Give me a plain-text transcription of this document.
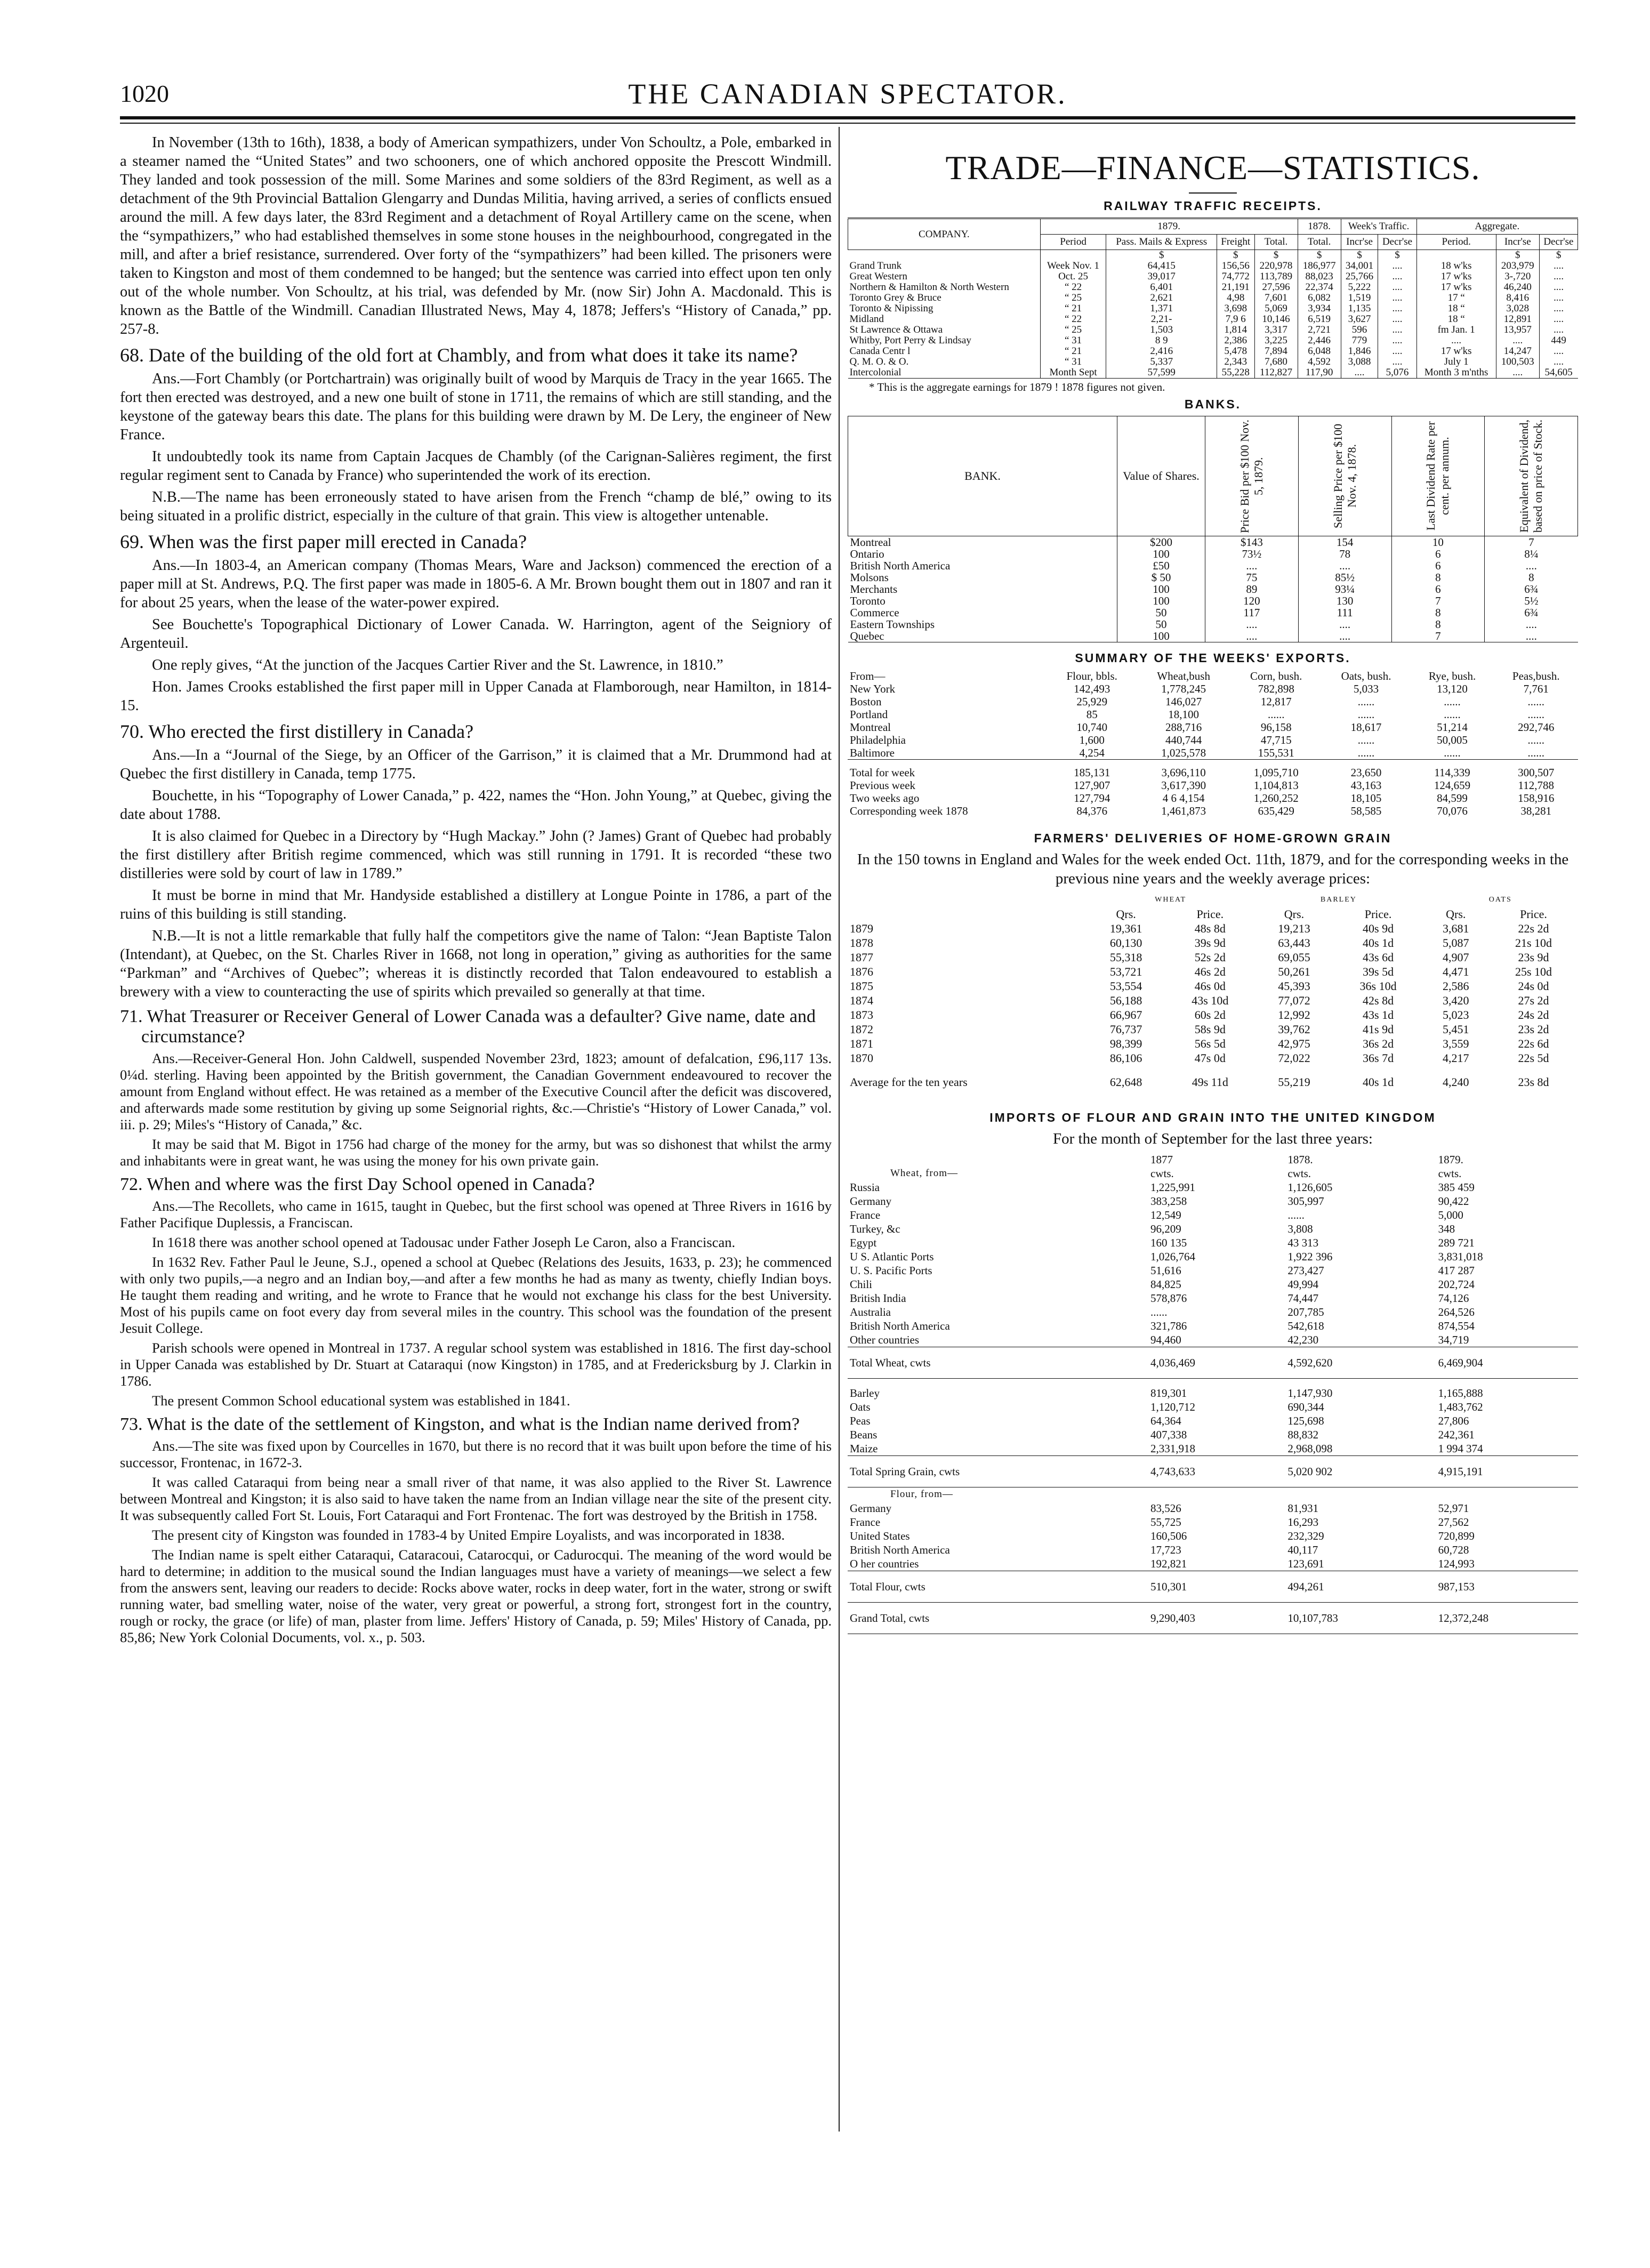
1020	THE CANADIAN SPECTATOR.

In November (13th to 16th), 1838, a body of American sympathizers, under Von Schoultz, a Pole, embarked in a steamer named the “United States” and two schooners, one of which anchored opposite the Prescott Windmill. They landed and took possession of the mill. Some Marines and some soldiers of the 83rd Regiment, as well as a detachment of the 9th Provincial Battalion Glengarry and Dundas Militia, having arrived, a series of conflicts ensued around the mill. A few days later, the 83rd Regiment and a detachment of Royal Artillery came on the scene, when the “sympathizers,” who had established themselves in some stone houses in the neighbourhood, congregated in the mill, and after a brief resistance, surrendered. Over forty of the “sympathizers” had been killed. The prisoners were taken to Kingston and most of them condemned to be hanged; but the sentence was carried into effect upon ten only out of the whole number. Von Schoultz, at his trial, was defended by Mr. (now Sir) John A. Macdonald. This is known as the Battle of the Windmill. Canadian Illustrated News, May 4, 1878; Jeffers's “History of Canada,” pp. 257-8.

68. Date of the building of the old fort at Chambly, and from what does it take its name?

Ans.—Fort Chambly (or Portchartrain) was originally built of wood by Marquis de Tracy in the year 1665. The fort then erected was destroyed, and a new one built of stone in 1711, the remains of which are still standing, and the keystone of the gateway bears this date. The plans for this building were drawn by M. De Lery, the engineer of New France.

It undoubtedly took its name from Captain Jacques de Chambly (of the Carignan-Salières regiment, the first regular regiment sent to Canada by France) who superintended the work of its erection.

N.B.—The name has been erroneously stated to have arisen from the French “champ de blé,” owing to its being situated in a prolific district, especially in the culture of that grain. This view is altogether untenable.

69. When was the first paper mill erected in Canada?

Ans.—In 1803-4, an American company (Thomas Mears, Ware and Jackson) commenced the erection of a paper mill at St. Andrews, P.Q. The first paper was made in 1805-6. A Mr. Brown bought them out in 1807 and ran it for about 25 years, when the lease of the water-power expired.

See Bouchette's Topographical Dictionary of Lower Canada. W. Harrington, agent of the Seigniory of Argenteuil.

One reply gives, “At the junction of the Jacques Cartier River and the St. Lawrence, in 1810.”

Hon. James Crooks established the first paper mill in Upper Canada at Flamborough, near Hamilton, in 1814-15.

70. Who erected the first distillery in Canada?

Ans.—In a “Journal of the Siege, by an Officer of the Garrison,” it is claimed that a Mr. Drummond had at Quebec the first distillery in Canada, temp 1775.

Bouchette, in his “Topography of Lower Canada,” p. 422, names the “Hon. John Young,” at Quebec, giving the date about 1788.

It is also claimed for Quebec in a Directory by “Hugh Mackay.” John (? James) Grant of Quebec had probably the first distillery after British regime commenced, which was still running in 1791. It is recorded “these two distilleries were sold by court of law in 1789.”

It must be borne in mind that Mr. Handyside established a distillery at Longue Pointe in 1786, a part of the ruins of this building is still standing.

N.B.—It is not a little remarkable that fully half the competitors give the name of Talon: “Jean Baptiste Talon (Intendant), at Quebec, on the St. Charles River in 1668, not long in operation,” giving as authorities for the same “Parkman” and “Archives of Quebec”; whereas it is distinctly recorded that Talon endeavoured to establish a brewery with a view to counteracting the use of spirits which prevailed so generally at that time.

71. What Treasurer or Receiver General of Lower Canada was a defaulter? Give name, date and circumstance?

Ans.—Receiver-General Hon. John Caldwell, suspended November 23rd, 1823; amount of defalcation, £96,117 13s. 0¼d. sterling. Having been appointed by the British government, the Canadian Government endeavoured to recover the amount from England without effect. He was retained as a member of the Executive Council after the deficit was discovered, and afterwards made some restitution by giving up some Seignorial rights, &c.—Christie's “History of Lower Canada,” vol. iii. p. 29; Miles's “History of Canada,” &c.

It may be said that M. Bigot in 1756 had charge of the money for the army, but was so dishonest that whilst the army and inhabitants were in great want, he was using the money for his own private gain.

72. When and where was the first Day School opened in Canada?

Ans.—The Recollets, who came in 1615, taught in Quebec, but the first school was opened at Three Rivers in 1616 by Father Pacifique Duplessis, a Franciscan.

In 1618 there was another school opened at Tadousac under Father Joseph Le Caron, also a Franciscan.

In 1632 Rev. Father Paul le Jeune, S.J., opened a school at Quebec (Relations des Jesuits, 1633, p. 23); he commenced with only two pupils,—a negro and an Indian boy,—and after a few months he had as many as twenty, chiefly Indian boys. He taught them reading and writing, and he wrote to France that he would not exchange his class for the best University. Most of his pupils came on foot every day from several miles in the country. This school was the foundation of the present Jesuit College.

Parish schools were opened in Montreal in 1737. A regular school system was established in 1816. The first day-school in Upper Canada was established by Dr. Stuart at Cataraqui (now Kingston) in 1785, and at Fredericksburg by J. Clarkin in 1786.

The present Common School educational system was established in 1841.

73. What is the date of the settlement of Kingston, and what is the Indian name derived from?

Ans.—The site was fixed upon by Courcelles in 1670, but there is no record that it was built upon before the time of his successor, Frontenac, in 1672-3.

It was called Cataraqui from being near a small river of that name, it was also applied to the River St. Lawrence between Montreal and Kingston; it is also said to have taken the name from an Indian village near the site of the present city. It was subsequently called Fort St. Louis, Fort Cataraqui and Fort Frontenac. The fort was destroyed by the British in 1758.

The present city of Kingston was founded in 1783-4 by United Empire Loyalists, and was incorporated in 1838.

The Indian name is spelt either Cataraqui, Cataracoui, Catarocqui, or Cadurocqui. The meaning of the word would be hard to determine; in addition to the musical sound the Indian languages must have a variety of meanings—we select a few from the answers sent, leaving our readers to decide: Rocks above water, rocks in deep water, fort in the water, strong or swift running water, bad smelling water, noise of the water, very great or powerful, a strong fort, strongest fort in the country, rough or rocky, the grace (or life) of man, plaster from lime. Jeffers' History of Canada, p. 59; Miles' History of Canada, pp. 85,86; New York Colonial Documents, vol. x., p. 503.

TRADE—FINANCE—STATISTICS.
RAILWAY TRAFFIC RECEIPTS.
COMPANY.	1879.				1878.	Week's Traffic.		Aggregate.		
	Period	Pass. Mails & Express	Freight	Total.	Total.	Incr'se	Decr'se	Period.	Incr'se	Decr'se
		$	$	$	$	$	$		$	$
Grand Trunk	Week Nov. 1	64,415	156,56	220,978	186,977	34,001	....	18 w'ks	203,979	....
Great Western	Oct. 25	39,017	74,772	113,789	88,023	25,766	....	17 w'ks	3-,720	....
Northern & Hamilton & North Western	“ 22	6,401	21,191	27,596	22,374	5,222	....	17 w'ks	46,240	....
Toronto Grey & Bruce	“ 25	2,621	4,98	7,601	6,082	1,519	....	17 “	8,416	....
Toronto & Nipissing	“ 21	1,371	3,698	5,069	3,934	1,135	....	18 “	3,028	....
Midland	“ 22	2,21-	7,9 6	10,146	6,519	3,627	....	18 “	12,891	....
St Lawrence & Ottawa	“ 25	1,503	1,814	3,317	2,721	596	....	fm Jan. 1	13,957	....
Whitby, Port Perry & Lindsay	“ 31	8 9	2,386	3,225	2,446	779	....	....	....	449
Canada Centr l	“ 21	2,416	5,478	7,894	6,048	1,846	....	17 w'ks	14,247	....
Q. M. O. & O.	“ 31	5,337	2,343	7,680	4,592	3,088	....	July 1	100,503	....
Intercolonial	Month Sept	57,599	55,228	112,827	117,90	....	5,076	Month 3 m'nths	....	54,605
* This is the aggregate earnings for 1879 ! 1878 figures not given.
BANKS.
BANK.	Value of Shares.	Price Bid per $100 Nov. 5, 1879.	Selling Price per $100 Nov. 4, 1878.	Last Dividend Rate per cent. per annum.	Equivalent of Dividend, based on price of Stock.

Montreal	$200	$143	154	10	7
Ontario	100	73½	78	6	8¼
British North America	£50	....	....	6	....
Molsons	$ 50	75	85½	8	8
Merchants	100	89	93¼	6	6¾
Toronto	100	120	130	7	5½
Commerce	50	117	111	8	6¾
Eastern Townships	50	....	....	8	....
Quebec	100	....	....	7	....
SUMMARY OF THE WEEKS' EXPORTS.
From—	Flour, bbls.	Wheat,bush	Corn, bush.	Oats, bush.	Rye, bush.	Peas,bush.
New York	142,493	1,778,245	782,898	5,033	13,120	7,761
Boston	25,929	146,027	12,817	......	......	......
Portland	85	18,100	......	......	......	......
Montreal	10,740	288,716	96,158	18,617	51,214	292,746
Philadelphia	1,600	440,744	47,715	......	50,005	......
Baltimore	4,254	1,025,578	155,531	......	......	......
Total for week	185,131	3,696,110	1,095,710	23,650	114,339	300,507
Previous week	127,907	3,617,390	1,104,813	43,163	124,659	112,788
Two weeks ago	127,794	4 6 4,154	1,260,252	18,105	84,599	158,916
Corresponding week 1878	84,376	1,461,873	635,429	58,585	70,076	38,281
FARMERS' DELIVERIES OF HOME-GROWN GRAIN
In the 150 towns in England and Wales for the week ended Oct. 11th, 1879, and for the corresponding weeks in the previous nine years and the weekly average prices:
	WHEAT		BARLEY		OATS	
	Qrs.	Price.	Qrs.	Price.	Qrs.	Price.
1879	19,361	48s 8d	19,213	40s 9d	3,681	22s 2d
1878	60,130	39s 9d	63,443	40s 1d	5,087	21s 10d
1877	55,318	52s 2d	69,055	43s 6d	4,907	23s 9d
1876	53,721	46s 2d	50,261	39s 5d	4,471	25s 10d
1875	53,554	46s 0d	45,393	36s 10d	2,586	24s 0d
1874	56,188	43s 10d	77,072	42s 8d	3,420	27s 2d
1873	66,967	60s 2d	12,992	43s 1d	5,023	24s 2d
1872	76,737	58s 9d	39,762	41s 9d	5,451	23s 2d
1871	98,399	56s 5d	42,975	36s 2d	3,559	22s 6d
1870	86,106	47s 0d	72,022	36s 7d	4,217	22s 5d
Average for the ten years	62,648	49s 11d	55,219	40s 1d	4,240	23s 8d
IMPORTS OF FLOUR AND GRAIN INTO THE UNITED KINGDOM
For the month of September for the last three years:
	1877	1878.	1879.
Wheat, from—	cwts.	cwts.	cwts.
Russia	1,225,991	1,126,605	385 459
Germany	383,258	305,997	90,422
France	12,549	......	5,000
Turkey, &c	96,209	3,808	348
Egypt	160 135	43 313	289 721
U S. Atlantic Ports	1,026,764	1,922 396	3,831,018
U. S. Pacific Ports	51,616	273,427	417 287
Chili	84,825	49,994	202,724
British India	578,876	74,447	74,126
Australia	......	207,785	264,526
British North America	321,786	542,618	874,554
Other countries	94,460	42,230	34,719
Total Wheat, cwts	4,036,469	4,592,620	6,469,904

Barley	819,301	1,147,930	1,165,888
Oats	1,120,712	690,344	1,483,762
Peas	64,364	125,698	27,806
Beans	407,338	88,832	242,361
Maize	2,331,918	2,968,098	1 994 374
Total Spring Grain, cwts	4,743,633	5,020 902	4,915,191
Flour, from—			
Germany	83,526	81,931	52,971
France	55,725	16,293	27,562
United States	160,506	232,329	720,899
British North America	17,723	40,117	60,728
O her countries	192,821	123,691	124,993
Total Flour, cwts	510,301	494,261	987,153
Grand Total, cwts	9,290,403	10,107,783	12,372,248
